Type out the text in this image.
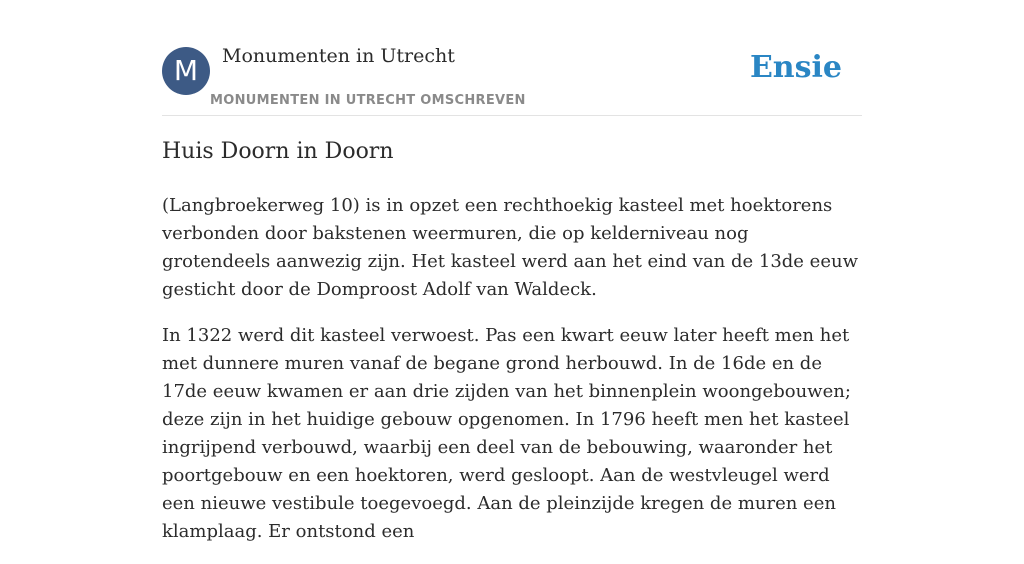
M	Monumenten in Utrecht
MONUMENTEN IN UTRECHT OMSCHREVEN
Ensie
Huis Doorn in Doorn

(Langbroekerweg 10) is in opzet een rechthoekig kasteel met hoektorens verbonden door bakstenen weermuren, die op kelderniveau nog grotendeels aanwezig zijn. Het kasteel werd aan het eind van de 13de eeuw gesticht door de Domproost Adolf van Waldeck.

In 1322 werd dit kasteel verwoest. Pas een kwart eeuw later heeft men het met dunnere muren vanaf de begane grond herbouwd. In de 16de en de 17de eeuw kwamen er aan drie zijden van het binnenplein woongebouwen; deze zijn in het huidige gebouw opgenomen. In 1796 heeft men het kasteel ingrijpend verbouwd, waarbij een deel van de bebouwing, waaronder het poortgebouw en een hoektoren, werd gesloopt. Aan de westvleugel werd een nieuwe vestibule toegevoegd. Aan de pleinzijde kregen de muren een klamplaag. Er ontstond een
